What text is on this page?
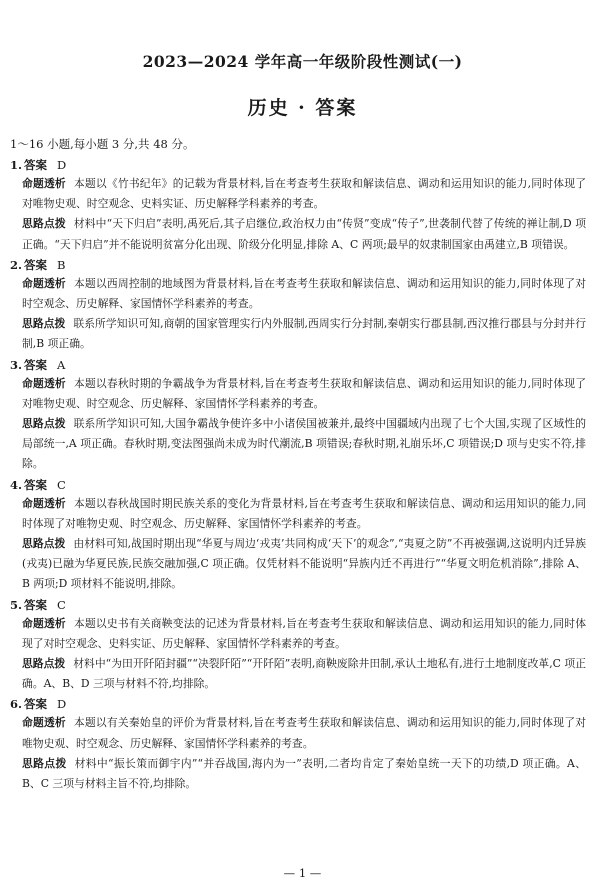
2023—2024 学年高一年级阶段性测试(一)
历史 · 答案
1～16 小题,每小题 3 分,共 48 分。
1. 答案 D
命题透析 本题以《竹书纪年》的记载为背景材料,旨在考查考生获取和解读信息、调动和运用知识的能力,同时体现了对唯物史观、时空观念、史料实证、历史解释学科素养的考查。
思路点拨 材料中“天下归启”表明,禹死后,其子启继位,政治权力由“传贤”变成“传子”,世袭制代替了传统的禅让制,D 项正确。“天下归启”并不能说明贫富分化出现、阶级分化明显,排除 A、C 两项;最早的奴隶制国家由禹建立,B 项错误。
2. 答案 B
命题透析 本题以西周控制的地域图为背景材料,旨在考查考生获取和解读信息、调动和运用知识的能力,同时体现了对时空观念、历史解释、家国情怀学科素养的考查。
思路点拨 联系所学知识可知,商朝的国家管理实行内外服制,西周实行分封制,秦朝实行郡县制,西汉推行郡县与分封并行制,B 项正确。
3. 答案 A
命题透析 本题以春秋时期的争霸战争为背景材料,旨在考查考生获取和解读信息、调动和运用知识的能力,同时体现了对唯物史观、时空观念、历史解释、家国情怀学科素养的考查。
思路点拨 联系所学知识可知,大国争霸战争使许多中小诸侯国被兼并,最终中国疆域内出现了七个大国,实现了区域性的局部统一,A 项正确。春秋时期,变法图强尚未成为时代潮流,B 项错误;春秋时期,礼崩乐坏,C 项错误;D 项与史实不符,排除。
4. 答案 C
命题透析 本题以春秋战国时期民族关系的变化为背景材料,旨在考查考生获取和解读信息、调动和运用知识的能力,同时体现了对唯物史观、时空观念、历史解释、家国情怀学科素养的考查。
思路点拨 由材料可知,战国时期出现“华夏与周边‘戎夷’共同构成‘天下’的观念”,“夷夏之防”不再被强调,这说明内迁异族(戎夷)已融为华夏民族,民族交融加强,C 项正确。仅凭材料不能说明“异族内迁不再进行”“华夏文明危机消除”,排除 A、B 两项;D 项材料不能说明,排除。
5. 答案 C
命题透析 本题以史书有关商鞅变法的记述为背景材料,旨在考查考生获取和解读信息、调动和运用知识的能力,同时体现了对时空观念、史料实证、历史解释、家国情怀学科素养的考查。
思路点拨 材料中“为田开阡陌封疆”“决裂阡陌”“开阡陌”表明,商鞅废除井田制,承认土地私有,进行土地制度改革,C 项正确。A、B、D 三项与材料不符,均排除。
6. 答案 D
命题透析 本题以有关秦始皇的评价为背景材料,旨在考查考生获取和解读信息、调动和运用知识的能力,同时体现了对唯物史观、时空观念、历史解释、家国情怀学科素养的考查。
思路点拨 材料中“振长策而御宇内”“并吞战国,海内为一”表明,二者均肯定了秦始皇统一天下的功绩,D 项正确。A、B、C 三项与材料主旨不符,均排除。
— 1 —
